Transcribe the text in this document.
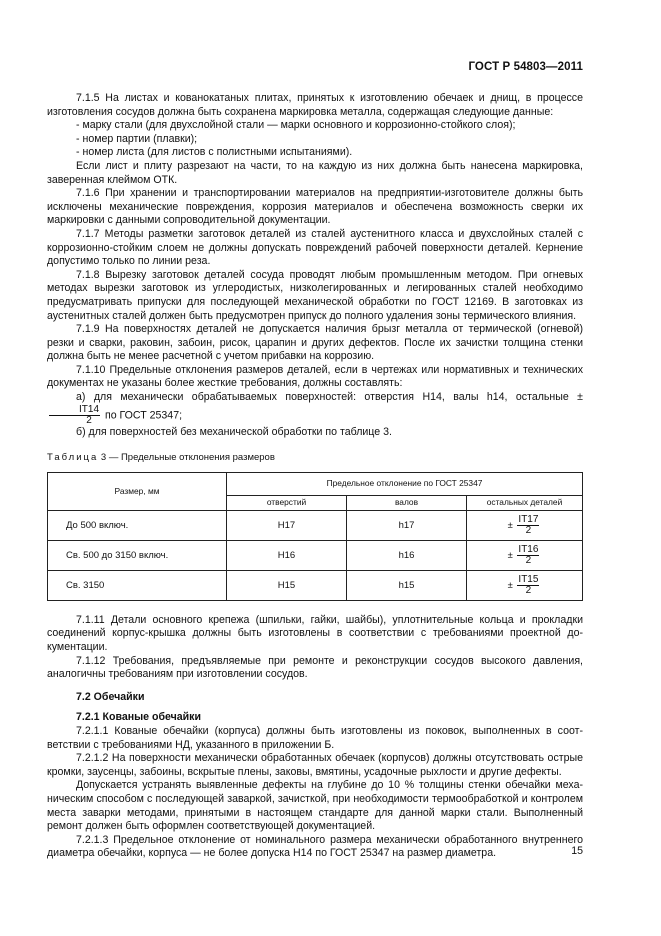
ГОСТ Р 54803—2011

7.1.5 На листах и кованокатаных плитах, принятых к изготовлению обечаек и днищ, в процессе изготовления сосудов должна быть сохранена маркировка металла, содержащая следующие данные:

- марку стали (для двухслойной стали — марки основного и коррозионно-стойкого слоя);

- номер партии (плавки);

- номер листа (для листов с полистными испытаниями).

Если лист и плиту разрезают на части, то на каждую из них должна быть нанесена маркировка, заверенная клеймом ОТК.

7.1.6 При хранении и транспортировании материалов на предприятии-изготовителе должны быть исключены механические повреждения, коррозия материалов и обеспечена возможность сверки их маркировки с данными сопроводительной документации.

7.1.7 Методы разметки заготовок деталей из сталей аустенитного класса и двухслойных сталей с коррозионно-стойким слоем не должны допускать повреждений рабочей поверхности деталей. Кернение допустимо только по линии реза.

7.1.8 Вырезку заготовок деталей сосуда проводят любым промышленным методом. При огневых методах вырезки заготовок из углеродистых, низколегированных и легированных сталей необходимо предусматривать припуски для последующей механической обработки по ГОСТ 12169. В заготовках из аустенитных сталей должен быть предусмотрен припуск до полного удаления зоны термического влияния.

7.1.9 На поверхностях деталей не допускается наличия брызг металла от термической (огневой) резки и сварки, раковин, забоин, рисок, царапин и других дефектов. После их зачистки толщина стенки должна быть не менее расчетной с учетом прибавки на коррозию.

7.1.10 Предельные отклонения размеров деталей, если в чертежах или нормативных и технических документах не указаны более жесткие требования, должны составлять:

а) для механически обрабатываемых поверхностей: отверстия Н14, валы h14, остальные ±
$\frac{IT14}{2}$ по ГОСТ 25347;

б) для поверхностей без механической обработки по таблице 3.

Таблица 3 — Предельные отклонения размеров
Размер, мм	Предельное отклонение по ГОСТ 25347		
	отверстий	валов	остальных деталей
До 500 включ.	Н17	h17	± $\frac{IT17}{2}$

Св. 500 до 3150 включ.	Н16	h16	± $\frac{IT16}{2}$

Св. 3150	Н15	h15	± $\frac{IT15}{2}$

7.1.11 Детали основного крепежа (шпильки, гайки, шайбы), уплотнительные кольца и прокладки соединений корпус-крышка должны быть изготовлены в соответствии с требованиями проектной документации.

7.1.12 Требования, предъявляемые при ремонте и реконструкции сосудов высокого давления, аналогичны требованиям при изготовлении сосудов.

7.2 Обечайки
7.2.1 Кованые обечайки

7.2.1.1 Кованые обечайки (корпуса) должны быть изготовлены из поковок, выполненных в соответствии с требованиями НД, указанного в приложении Б.

7.2.1.2 На поверхности механически обработанных обечаек (корпусов) должны отсутствовать острые кромки, заусенцы, забоины, вскрытые плены, заковы, вмятины, усадочные рыхлости и другие дефекты.

Допускается устранять выявленные дефекты на глубине до 10 % толщины стенки обечайки механическим способом с последующей заваркой, зачисткой, при необходимости термообработкой и контролем места заварки методами, принятыми в настоящем стандарте для данной марки стали. Выполненный ремонт должен быть оформлен соответствующей документацией.

7.2.1.3 Предельное отклонение от номинального размера механически обработанного внутреннего диаметра обечайки, корпуса — не более допуска Н14 по ГОСТ 25347 на размер диаметра.	15
